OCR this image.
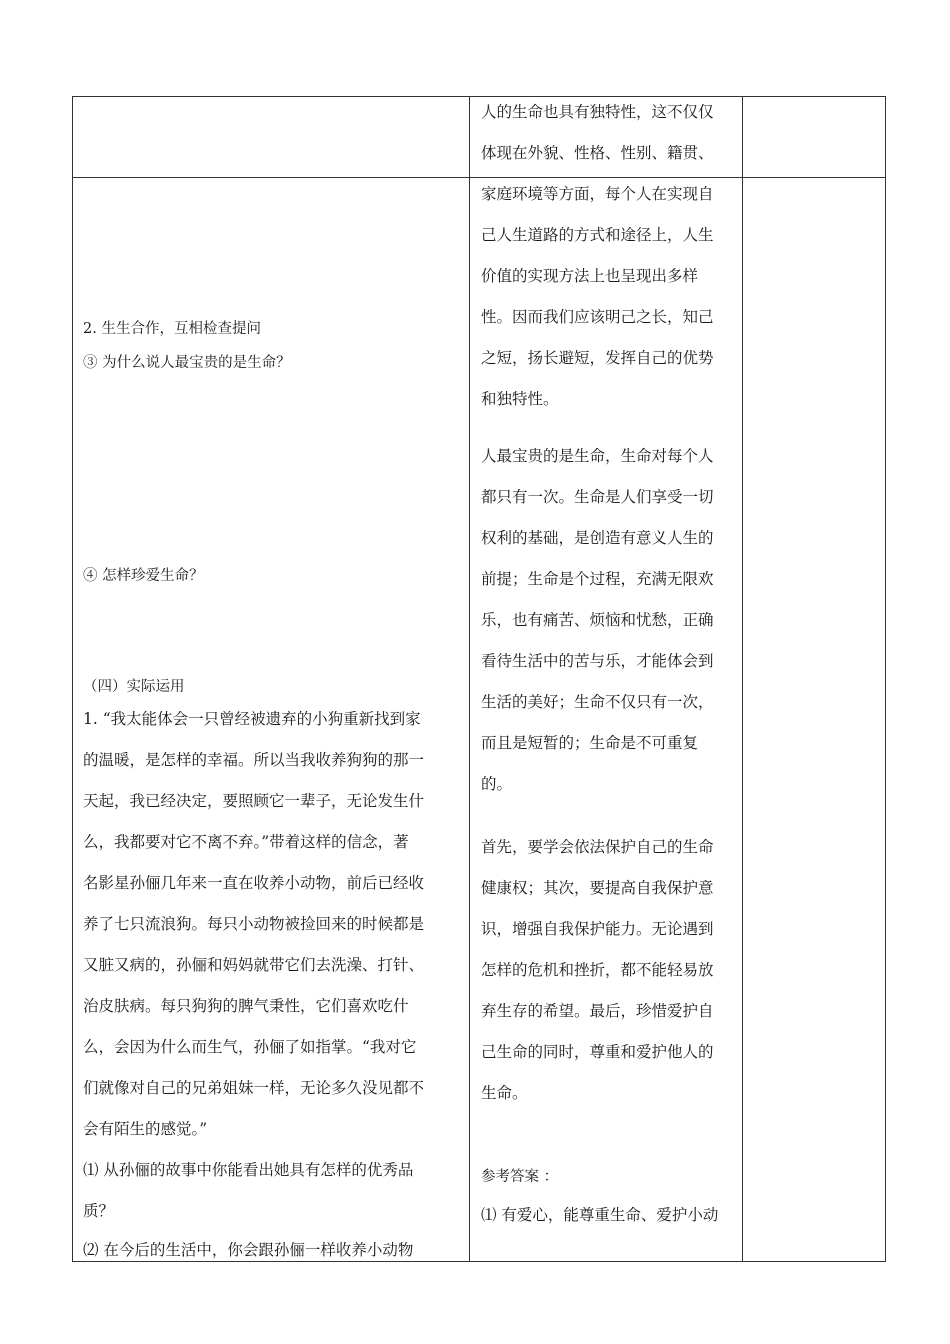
人的生命也具有独特性，这不仅仅
体现在外貌、性格、性别、籍贯、
家庭环境等方面，每个人在实现自
己人生道路的方式和途径上，人生
价值的实现方法上也呈现出多样
性。因而我们应该明己之长，知己
之短，扬长避短，发挥自己的优势
和独特性。
人最宝贵的是生命，生命对每个人
都只有一次。生命是人们享受一切
权利的基础，是创造有意义人生的
前提；生命是个过程，充满无限欢
乐，也有痛苦、烦恼和忧愁，正确
看待生活中的苦与乐，才能体会到
生活的美好；生命不仅只有一次，
而且是短暂的；生命是不可重复
的。
首先，要学会依法保护自己的生命
健康权；其次，要提高自我保护意
识，增强自我保护能力。无论遇到
怎样的危机和挫折，都不能轻易放
弃生存的希望。最后，珍惜爱护自
己生命的同时，尊重和爱护他人的
生命。
参考答案 ：
⑴ 有爱心，能尊重生命、爱护小动
2. 生生合作，互相检查提问
③ 为什么说人最宝贵的是生命？
④ 怎样珍爱生命？
（四）实际运用
1. “我太能体会一只曾经被遗弃的小狗重新找到家
的温暖，是怎样的幸福。所以当我收养狗狗的那一
天起，我已经决定，要照顾它一辈子，无论发生什
么，我都要对它不离不弃。”带着这样的信念，著
名影星孙俪几年来一直在收养小动物，前后已经收
养了七只流浪狗。每只小动物被捡回来的时候都是
又脏又病的，孙俪和妈妈就带它们去洗澡、打针、
治皮肤病。每只狗狗的脾气秉性，它们喜欢吃什
么，会因为什么而生气，孙俪了如指掌。“我对它
们就像对自己的兄弟姐妹一样，无论多久没见都不
会有陌生的感觉。”
⑴ 从孙俪的故事中你能看出她具有怎样的优秀品
质？
⑵ 在今后的生活中，你会跟孙俪一样收养小动物
